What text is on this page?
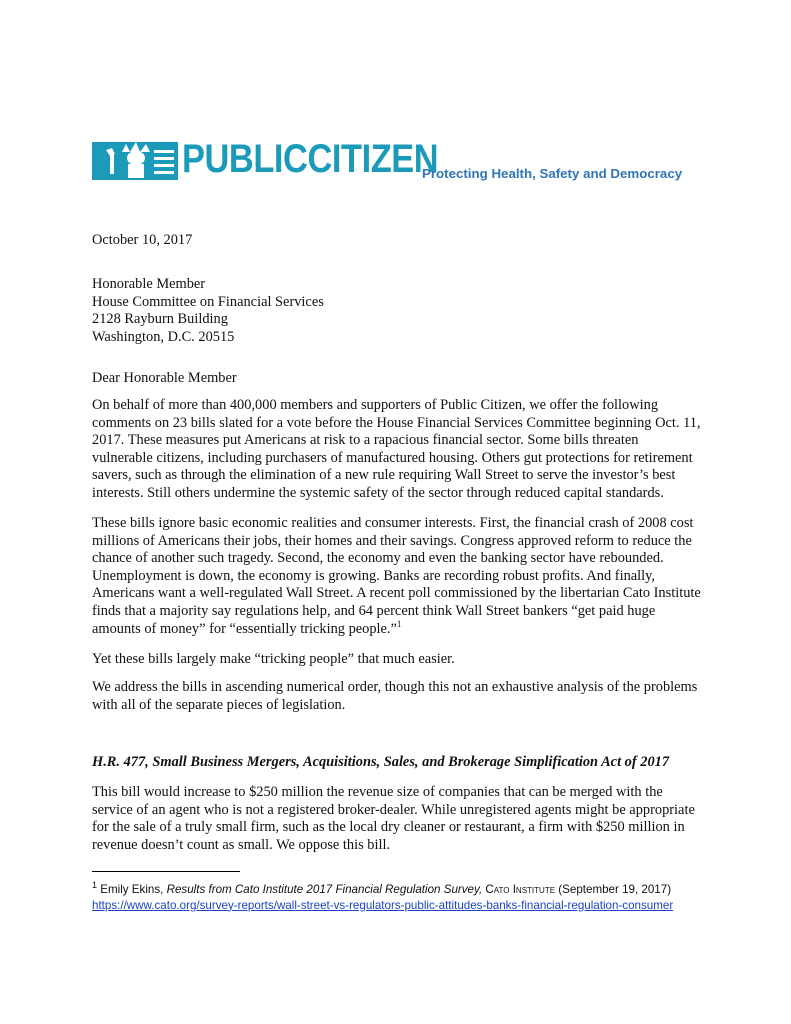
PUBLICCITIZEN
Protecting Health, Safety and Democracy
October 10, 2017
Honorable Member
House Committee on Financial Services
2128 Rayburn Building
Washington, D.C. 20515
Dear Honorable Member
On behalf of more than 400,000 members and supporters of Public Citizen, we offer the following comments on 23 bills slated for a vote before the House Financial Services Committee beginning Oct. 11, 2017. These measures put Americans at risk to a rapacious financial sector. Some bills threaten vulnerable citizens, including purchasers of manufactured housing. Others gut protections for retirement savers, such as through the elimination of a new rule requiring Wall Street to serve the investor’s best interests. Still others undermine the systemic safety of the sector through reduced capital standards.
These bills ignore basic economic realities and consumer interests. First, the financial crash of 2008 cost millions of Americans their jobs, their homes and their savings. Congress approved reform to reduce the chance of another such tragedy. Second, the economy and even the banking sector have rebounded. Unemployment is down, the economy is growing. Banks are recording robust profits. And finally, Americans want a well-regulated Wall Street. A recent poll commissioned by the libertarian Cato Institute finds that a majority say regulations help, and 64 percent think Wall Street bankers “get paid huge amounts of money” for “essentially tricking people.”$^1$
Yet these bills largely make “tricking people” that much easier.
We address the bills in ascending numerical order, though this not an exhaustive analysis of the problems with all of the separate pieces of legislation.
H.R. 477, Small Business Mergers, Acquisitions, Sales, and Brokerage Simplification Act of 2017
This bill would increase to $250 million the revenue size of companies that can be merged with the service of an agent who is not a registered broker-dealer. While unregistered agents might be appropriate for the sale of a truly small firm, such as the local dry cleaner or restaurant, a firm with $250 million in revenue doesn’t count as small. We oppose this bill.
$^1$ Emily Ekins, Results from Cato Institute 2017 Financial Regulation Survey, Cato Institute (September 19, 2017)
https://www.cato.org/survey-reports/wall-street-vs-regulators-public-attitudes-banks-financial-regulation-consumer
